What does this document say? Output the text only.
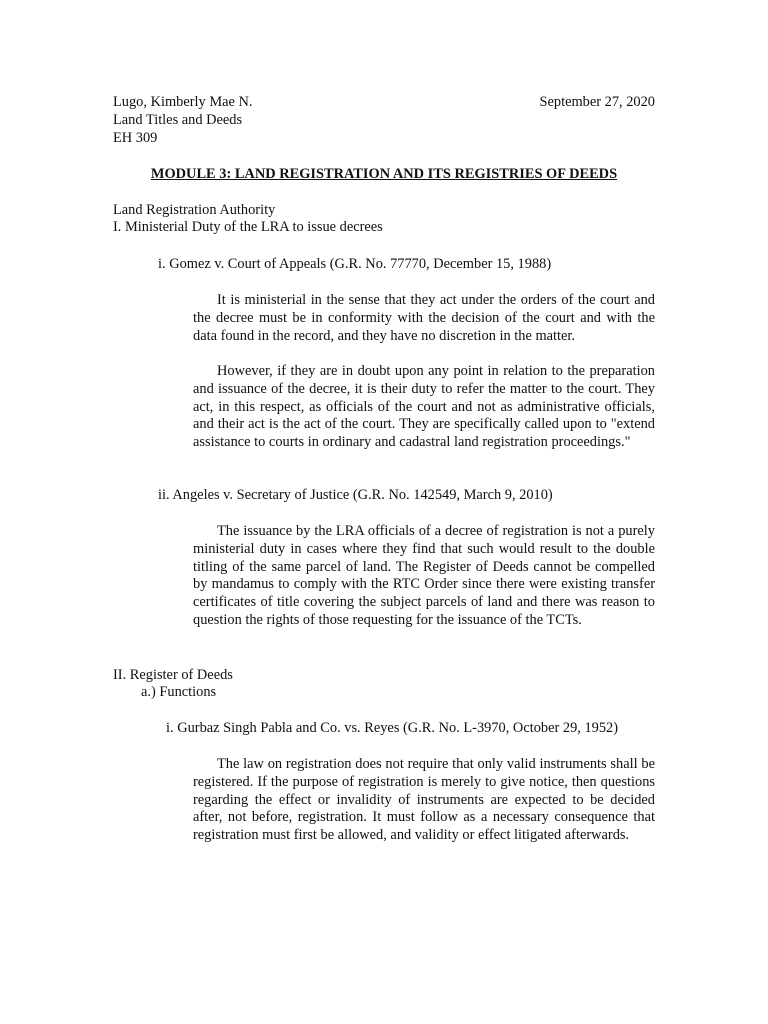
Lugo, Kimberly Mae N.
Land Titles and Deeds
EH 309
September 27, 2020
MODULE 3: LAND REGISTRATION AND ITS REGISTRIES OF DEEDS
Land Registration Authority
I. Ministerial Duty of the LRA to issue decrees
i. Gomez v. Court of Appeals (G.R. No. 77770, December 15, 1988)

It is ministerial in the sense that they act under the orders of the court and the decree must be in conformity with the decision of the court and with the data found in the record, and they have no discretion in the matter.

However, if they are in doubt upon any point in relation to the preparation and issuance of the decree, it is their duty to refer the matter to the court. They act, in this respect, as officials of the court and not as administrative officials, and their act is the act of the court. They are specifically called upon to "extend assistance to courts in ordinary and cadastral land registration proceedings."

ii. Angeles v. Secretary of Justice (G.R. No. 142549, March 9, 2010)

The issuance by the LRA officials of a decree of registration is not a purely ministerial duty in cases where they find that such would result to the double titling of the same parcel of land. The Register of Deeds cannot be compelled by mandamus to comply with the RTC Order since there were existing transfer certificates of title covering the subject parcels of land and there was reason to question the rights of those requesting for the issuance of the TCTs.

II. Register of Deeds
a.) Functions
i. Gurbaz Singh Pabla and Co. vs. Reyes (G.R. No. L-3970, October 29, 1952)

The law on registration does not require that only valid instruments shall be registered. If the purpose of registration is merely to give notice, then questions regarding the effect or invalidity of instruments are expected to be decided after, not before, registration. It must follow as a necessary consequence that registration must first be allowed, and validity or effect litigated afterwards.
